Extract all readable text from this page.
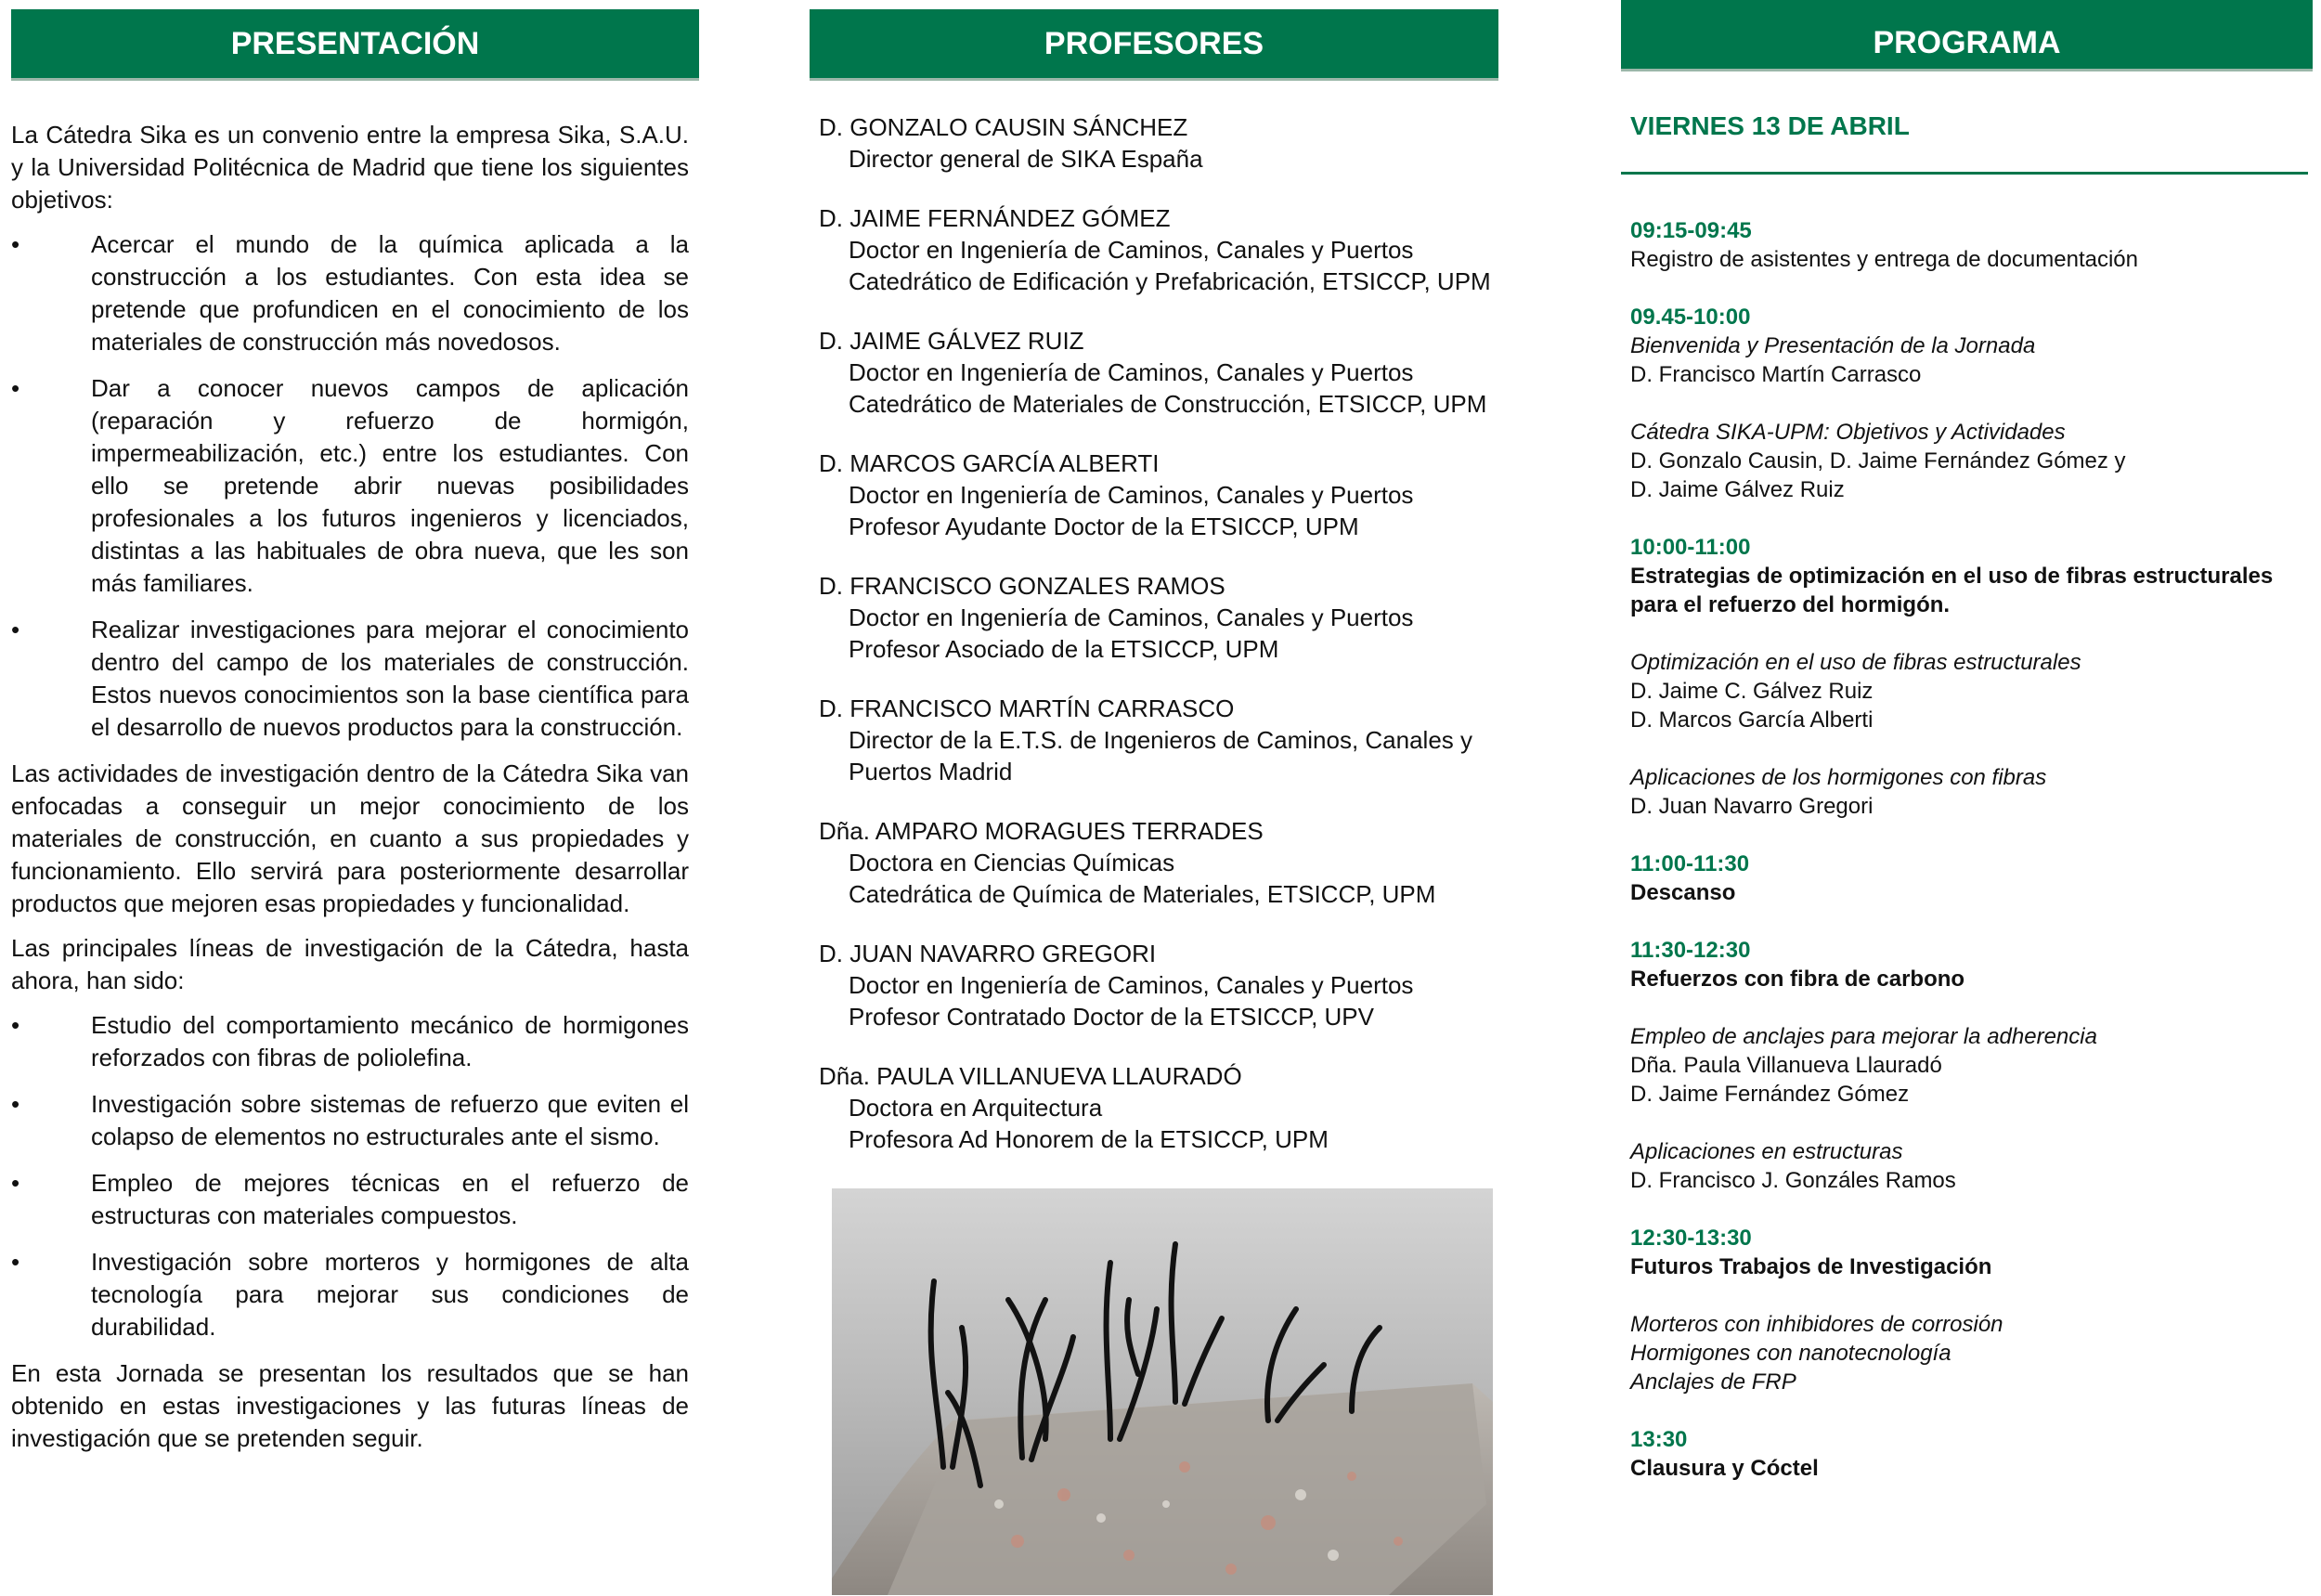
PRESENTACIÓN

La Cátedra Sika es un convenio entre la empresa Sika, S.A.U. y la Universidad Politécnica de Madrid que tiene los siguientes objetivos:

•	Acercar el mundo de la química aplicada a la construcción a los estudiantes. Con esta idea se pretende que profundicen en el conocimiento de los materiales de construcción más novedosos.
•	Dar a conocer nuevos campos de aplicación (reparación y refuerzo de hormigón, impermeabilización, etc.) entre los estudiantes. Con ello se pretende abrir nuevas posibilidades profesionales a los futuros ingenieros y licenciados, distintas a las habituales de obra nueva, que les son más familiares.
•	Realizar investigaciones para mejorar el conocimiento dentro del campo de los materiales de construcción. Estos nuevos conocimientos son la base científica para el desarrollo de nuevos productos para la construcción.

Las actividades de investigación dentro de la Cátedra Sika van enfocadas a conseguir un mejor conocimiento de los materiales de construcción, en cuanto a sus propiedades y funcionamiento. Ello servirá para posteriormente desarrollar productos que mejoren esas propiedades y funcionalidad.

Las principales líneas de investigación de la Cátedra, hasta ahora, han sido:

•	Estudio del comportamiento mecánico de hormigones reforzados con fibras de poliolefina.
•	Investigación sobre sistemas de refuerzo que eviten el colapso de elementos no estructurales ante el sismo.
•	Empleo de mejores técnicas en el refuerzo de estructuras con materiales compuestos.
•	Investigación sobre morteros y hormigones de alta tecnología para mejorar sus condiciones de durabilidad.

En esta Jornada se presentan los resultados que se han obtenido en estas investigaciones y las futuras líneas de investigación que se pretenden seguir.

PROFESORES
D. GONZALO CAUSIN SÁNCHEZ
Director general de SIKA España
D. JAIME FERNÁNDEZ GÓMEZ
Doctor en Ingeniería de Caminos, Canales y Puertos
Catedrático de Edificación y Prefabricación, ETSICCP, UPM
D. JAIME GÁLVEZ RUIZ
Doctor en Ingeniería de Caminos, Canales y Puertos
Catedrático de Materiales de Construcción, ETSICCP, UPM
D. MARCOS GARCÍA ALBERTI
Doctor en Ingeniería de Caminos, Canales y Puertos
Profesor Ayudante Doctor de la ETSICCP, UPM
D. FRANCISCO GONZALES RAMOS
Doctor en Ingeniería de Caminos, Canales y Puertos
Profesor Asociado de la ETSICCP, UPM
D. FRANCISCO MARTÍN CARRASCO
Director de la E.T.S. de Ingenieros de Caminos, Canales y
Puertos Madrid
Dña. AMPARO MORAGUES TERRADES
Doctora en Ciencias Químicas
Catedrática de Química de Materiales, ETSICCP, UPM
D. JUAN NAVARRO GREGORI
Doctor en Ingeniería de Caminos, Canales y Puertos
Profesor Contratado Doctor de la ETSICCP, UPV
Dña. PAULA VILLANUEVA LLAURADÓ
Doctora en Arquitectura
Profesora Ad Honorem de la ETSICCP, UPM
PROGRAMA
VIERNES 13 DE ABRIL
09:15-09:45
Registro de asistentes y entrega de documentación
09.45-10:00
Bienvenida y Presentación de la Jornada
D. Francisco Martín Carrasco
Cátedra SIKA-UPM: Objetivos y Actividades
D. Gonzalo Causin, D. Jaime Fernández Gómez y
D. Jaime Gálvez Ruiz
10:00-11:00
Estrategias de optimización en el uso de fibras estructurales para el refuerzo del hormigón.
Optimización en el uso de fibras estructurales
D. Jaime C. Gálvez Ruiz
D. Marcos García Alberti
Aplicaciones de los hormigones con fibras
D. Juan Navarro Gregori
11:00-11:30
Descanso
11:30-12:30
Refuerzos con fibra de carbono
Empleo de anclajes para mejorar la adherencia
Dña. Paula Villanueva Llauradó
D. Jaime Fernández Gómez
Aplicaciones en estructuras
D. Francisco J. Gonzáles Ramos
12:30-13:30
Futuros Trabajos de Investigación
Morteros con inhibidores de corrosión
Hormigones con nanotecnología
Anclajes de FRP
13:30
Clausura y Cóctel
